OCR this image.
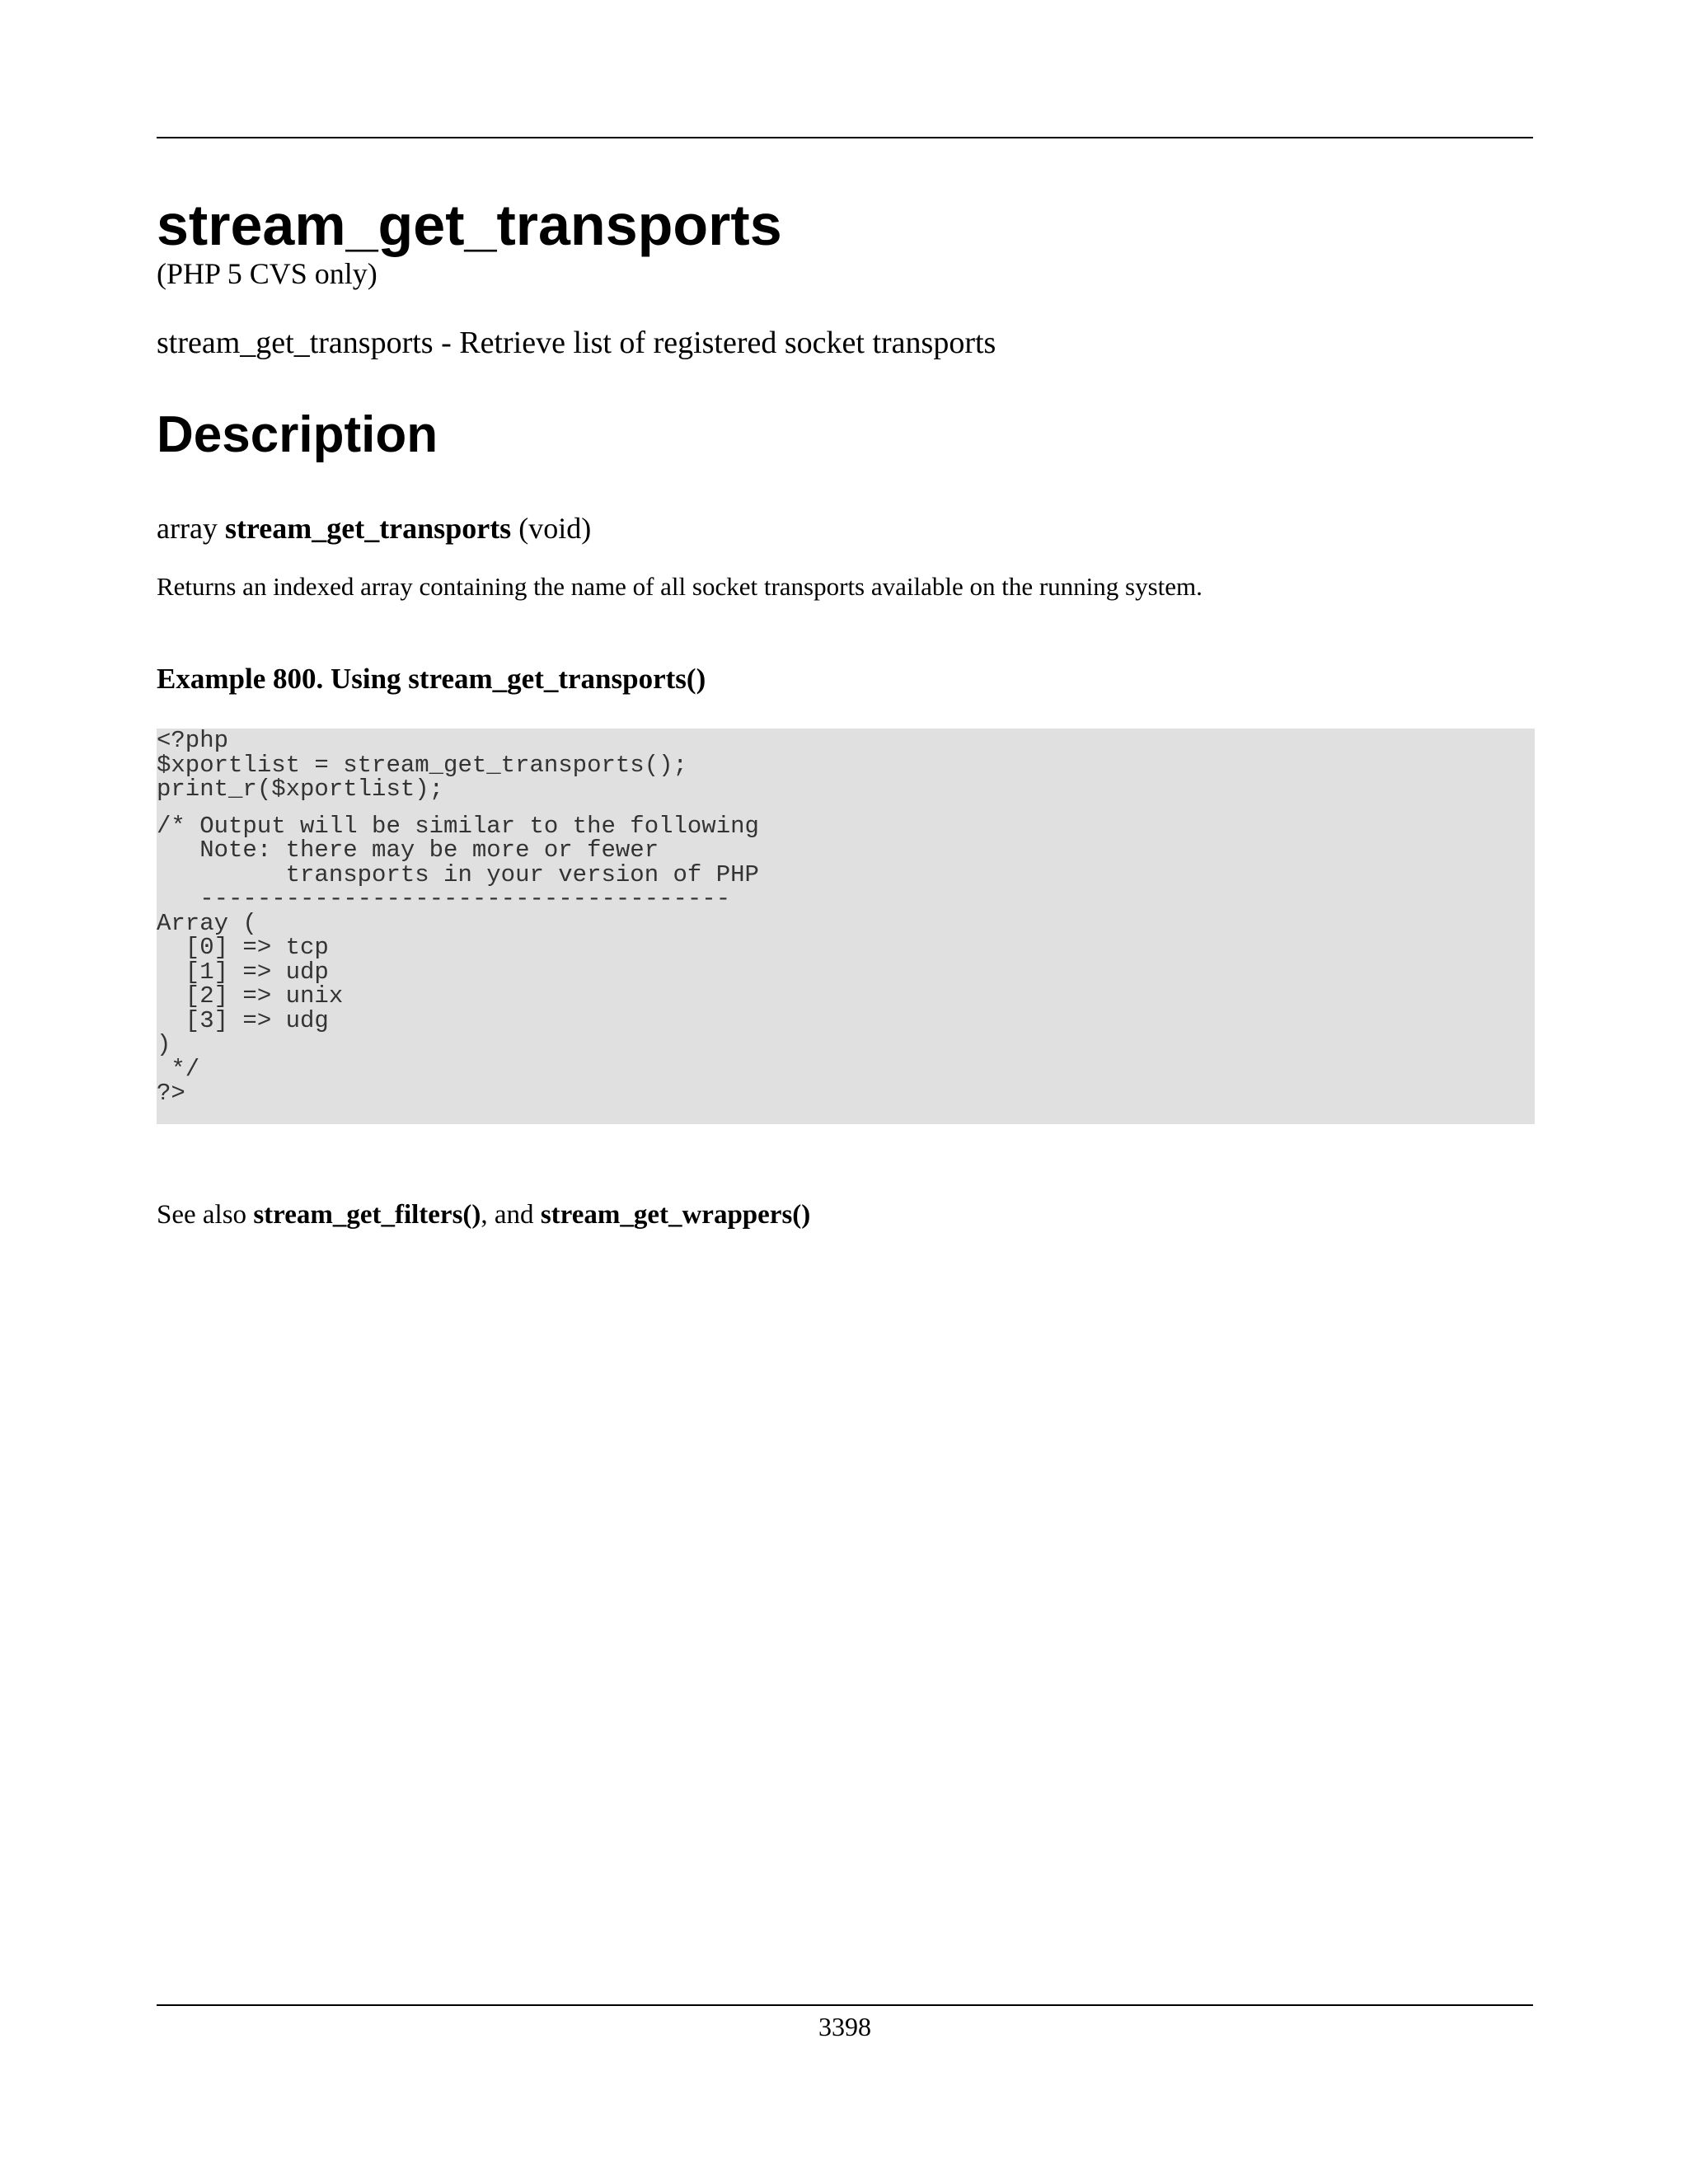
stream_get_transports

(PHP 5 CVS only)

stream_get_transports - Retrieve list of registered socket transports

Description

array stream_get_transports (void)

Returns an indexed array containing the name of all socket transports available on the running system.

Example 800. Using stream_get_transports()

<?php
$xportlist = stream_get_transports();
print_r($xportlist);
/* Output will be similar to the following
Note: there may be more or fewer
transports in your version of PHP
-------------------------------------
Array (
[0] => tcp
[1] => udp
[2] => unix
[3] => udg
)
*/
?>

See also stream_get_filters(), and stream_get_wrappers()

3398
